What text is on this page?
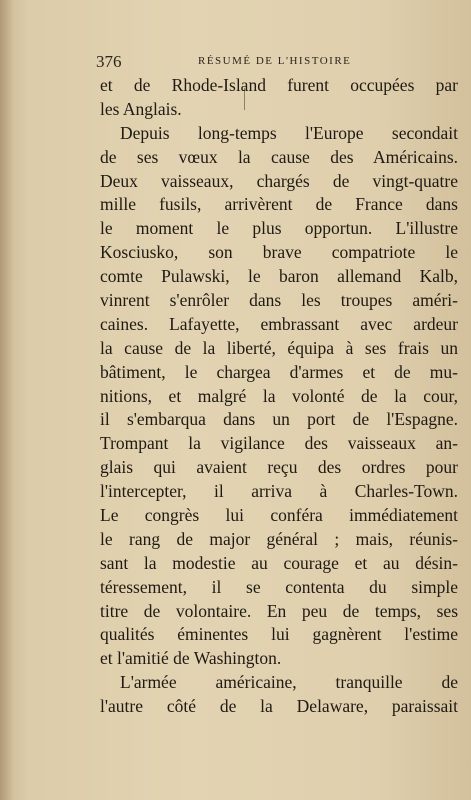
376	RÉSUMÉ DE L'HISTOIRE
et de Rhode-Island furent occupées par
les Anglais.
Depuis long-temps l'Europe secondait
de ses vœux la cause des Américains.
Deux vaisseaux, chargés de vingt-quatre
mille fusils, arrivèrent de France dans
le moment le plus opportun. L'illustre
Kosciusko, son brave compatriote le
comte Pulawski, le baron allemand Kalb,
vinrent s'enrôler dans les troupes améri-
caines. Lafayette, embrassant avec ardeur
la cause de la liberté, équipa à ses frais un
bâtiment, le chargea d'armes et de mu-
nitions, et malgré la volonté de la cour,
il s'embarqua dans un port de l'Espagne.
Trompant la vigilance des vaisseaux an-
glais qui avaient reçu des ordres pour
l'intercepter, il arriva à Charles-Town.
Le congrès lui conféra immédiatement
le rang de major général ; mais, réunis-
sant la modestie au courage et au désin-
téressement, il se contenta du simple
titre de volontaire. En peu de temps, ses
qualités éminentes lui gagnèrent l'estime
et l'amitié de Washington.
L'armée américaine, tranquille de
l'autre côté de la Delaware, paraissait
